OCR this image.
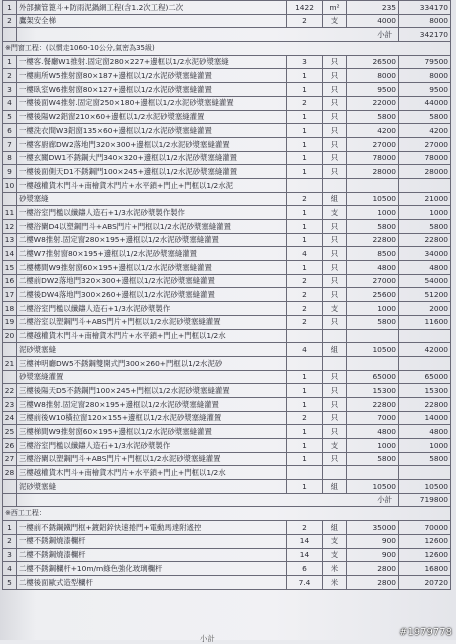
1	外部擴管篦斗+防雨泥鍋網工程(含1.2次工程)二次	1422	m²	235	334170
2	鷹架安全梯	2	支	4000	8000
	小計				342170
※門窗工程：(以慣走1060-10公分,氣密為35級)					
1	一樓客.餐廳W1推射.固定窗280×227+邊框以1/2水泥砂漿塞縫	3	只	26500	79500
2	一樓廁所W5推射窗80×187+邊框以1/2水泥砂漿塞縫灌置	1	只	8000	8000
3	一樓臥室W6推射窗80×127+邊框以1/2水泥砂漿塞縫灌置	1	只	9500	9500
4	一樓後面W4推射.固定窗250×180+邊框以1/2水泥砂漿塞縫灌置	2	只	22000	44000
5	一樓後陽W2鋁窗210×60+邊框以1/2水泥砂漿塞縫灌置	1	只	5800	5800
6	一樓洗衣間W3鋁窗135×60+邊框以1/2水泥砂漿塞縫灌置	1	只	4200	4200
7	一樓客廚廊DW2落地門320×300+邊框以1/2水泥砂漿塞縫灌置	1	只	27000	27000
8	一樓玄關DW1不銹鋼大門340×320+邊框以1/2水泥砂漿塞縫灌置	1	只	78000	78000
9	一樓後面側天D1不銹鋼門100×245+邊框以1/2水泥砂漿塞縫灌置	1	只	28000	28000
10	一樓越權貨木門斗+南檜貨木門片+水平鎖+門止+門框以1/2水泥				
	砂漿塞縫	2	組	10500	21000
11	一樓浴室門檻以纖鑄人造石+1/3水泥砂漿製作製作	1	支	1000	1000
12	一樓浴闌D4以塑鋼門斗+ABS門片+門框以1/2水泥砂漿塞縫灌置	1	只	5800	5800
13	二樓W8推射.固定窗280×195+邊框以1/2水泥砂漿塞縫灌置	1	只	22800	22800
14	二樓W7推射窗80×195+邊框以1/2水泥砂漿塞縫灌置	4	只	8500	34000
15	二樓樓間W9推射窗60×195+邊框以1/2水泥砂漿塞縫灌置	1	只	4800	4800
16	二樓前DW2落地門320×300+邊框以1/2水泥砂漿塞縫灌置	2	只	27000	54000
17	二樓後DW4落地門300×260+邊框以1/2水泥砂漿塞縫灌置	2	只	25600	51200
18	二樓浴室門檻以纖鑄人造石+1/3水泥砂漿製作	2	支	1000	2000
19	二樓浴室以塑鋼門斗+ABS門片+門框以1/2水泥砂漿塞縫灌置	2	只	5800	11600
20	二樓越權貨木門斗+南檜貨木門片+水平鎖+門止+門框以1/2水				
	泥砂漿塞縫	4	組	10500	42000
21	三樓神明廳DW5不銹鋼雙開式門300×260+門框以1/2水泥砂				
	砂漿塞縫灌置	1	只	65000	65000
22	三樓後陽天D5不銹鋼門100×245+門框以1/2水泥砂漿塞縫灌置	1	只	15300	15300
23	三樓W8推射.固定窗280×195+邊框以1/2水泥砂漿塞縫灌置	1	只	22800	22800
24	三樓前後W10橫拉窗120×155+邊框以1/2水泥砂漿塞縫灌置	2	只	7000	14000
25	三樓梯間W9推射窗60×195+邊框以1/2水泥砂漿塞縫灌置	1	只	4800	4800
26	三樓浴室門檻以纖鑄人造石+1/3水泥砂漿製作	1	支	1000	1000
27	三樓浴闌以塑鋼門斗+ABS門片+門框以1/2水泥砂漿塞縫灌置	1	只	5800	5800
28	三樓越權貨木門斗+南檜貨木門片+水平鎖+門止+門框以1/2水				
	泥砂漿塞縫	1	組	10500	10500
	小計				719800
※西工工程：					
1	一樓前不銹鋼鐵門框+鍍鋁鋅快速捲門+電動馬達附遙控	2	組	35000	70000
2	一樓不銹鋼燒漆欄杆	14	支	900	12600
3	二樓不銹鋼燒漆欄杆	14	支	900	12600
4	二樓不銹鋼欄杆+10m/m綠色強化玻璃欄杆	6	米	2800	16800
5	二樓後面歐式造型欄杆	7.4	米	2800	20720
小計
#1979778
